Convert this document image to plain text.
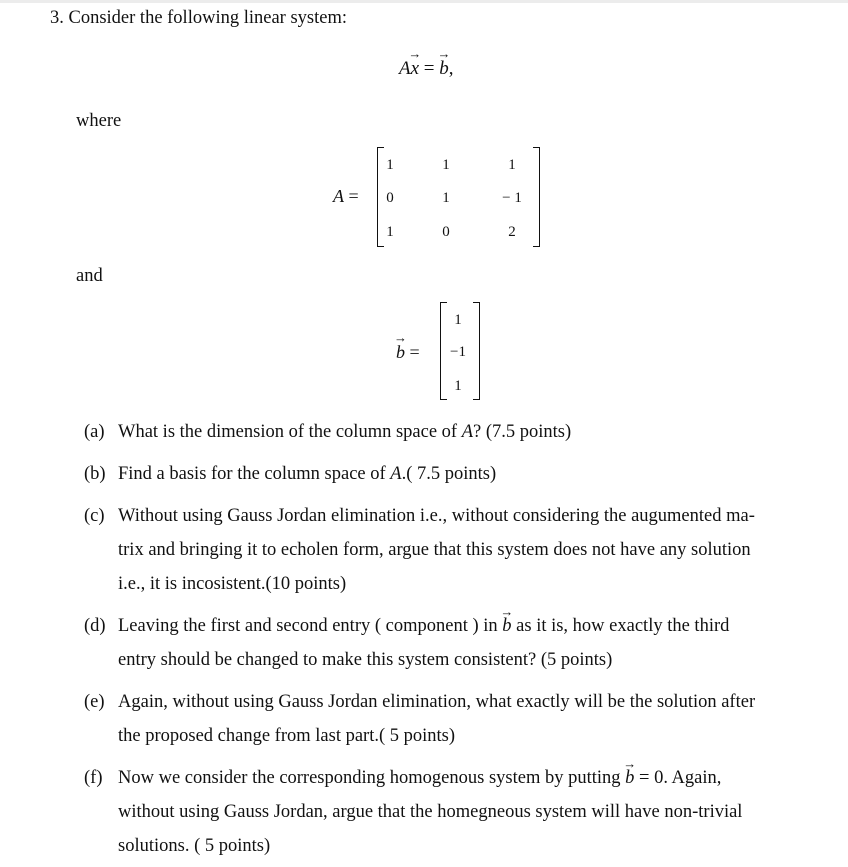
3. Consider the following linear system:
Ax
→
= b
→
,
where
A =
1	1	1
0	1	− 1
1	0	2
and
b
→
=
1
−1
1
(a) What is the dimension of the column space of A? (7.5 points)
(b) Find a basis for the column space of A.( 7.5 points)
(c) Without using Gauss Jordan elimination i.e., without considering the augumented ma-
trix and bringing it to echolen form, argue that this system does not have any solution
i.e., it is incosistent.(10 points)
(d) Leaving the first and second entry ( component ) in b
→
as it is, how exactly the third
entry should be changed to make this system consistent? (5 points)
(e) Again, without using Gauss Jordan elimination, what exactly will be the solution after
the proposed change from last part.( 5 points)
(f) Now we consider the corresponding homogenous system by putting b
→
= 0. Again,
without using Gauss Jordan, argue that the homegneous system will have non-trivial
solutions. ( 5 points)
